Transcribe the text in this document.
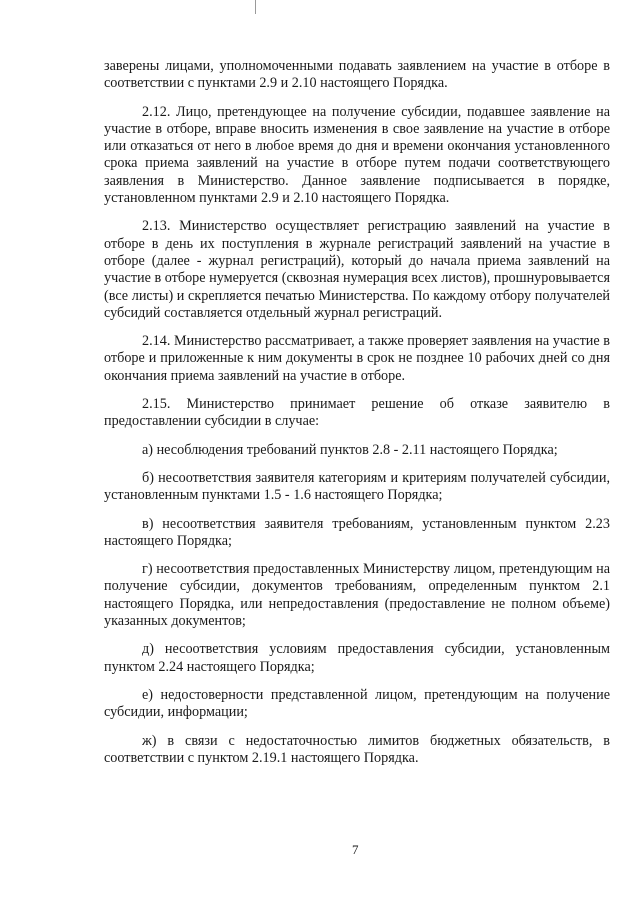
заверены лицами, уполномоченными подавать заявлением на участие в отборе в соответствии с пунктами 2.9 и 2.10 настоящего Порядка.

2.12. Лицо, претендующее на получение субсидии, подавшее заявление на участие в отборе, вправе вносить изменения в свое заявление на участие в отборе или отказаться от него в любое время до дня и времени окончания установленного срока приема заявлений на участие в отборе путем подачи соответствующего заявления в Министерство. Данное заявление подписывается в порядке, установленном пунктами 2.9 и 2.10 настоящего Порядка.

2.13. Министерство осуществляет регистрацию заявлений на участие в отборе в день их поступления в журнале регистраций заявлений на участие в отборе (далее - журнал регистраций), который до начала приема заявлений на участие в отборе нумеруется (сквозная нумерация всех листов), прошнуровывается (все листы) и скрепляется печатью Министерства. По каждому отбору получателей субсидий составляется отдельный журнал регистраций.

2.14. Министерство рассматривает, а также проверяет заявления на участие в отборе и приложенные к ним документы в срок не позднее 10 рабочих дней со дня окончания приема заявлений на участие в отборе.

2.15. Министерство принимает решение об отказе заявителю в предоставлении субсидии в случае:

а) несоблюдения требований пунктов 2.8 - 2.11 настоящего Порядка;

б) несоответствия заявителя категориям и критериям получателей субсидии, установленным пунктами 1.5 - 1.6 настоящего Порядка;

в) несоответствия заявителя требованиям, установленным пунктом 2.23 настоящего Порядка;

г) несоответствия предоставленных Министерству лицом, претендующим на получение субсидии, документов требованиям, определенным пунктом 2.1 настоящего Порядка, или непредоставления (предоставление не полном объеме) указанных документов;

д) несоответствия условиям предоставления субсидии, установленным пунктом 2.24 настоящего Порядка;

е) недостоверности представленной лицом, претендующим на получение субсидии, информации;

ж) в связи с недостаточностью лимитов бюджетных обязательств, в соответствии с пунктом 2.19.1 настоящего Порядка.

7
